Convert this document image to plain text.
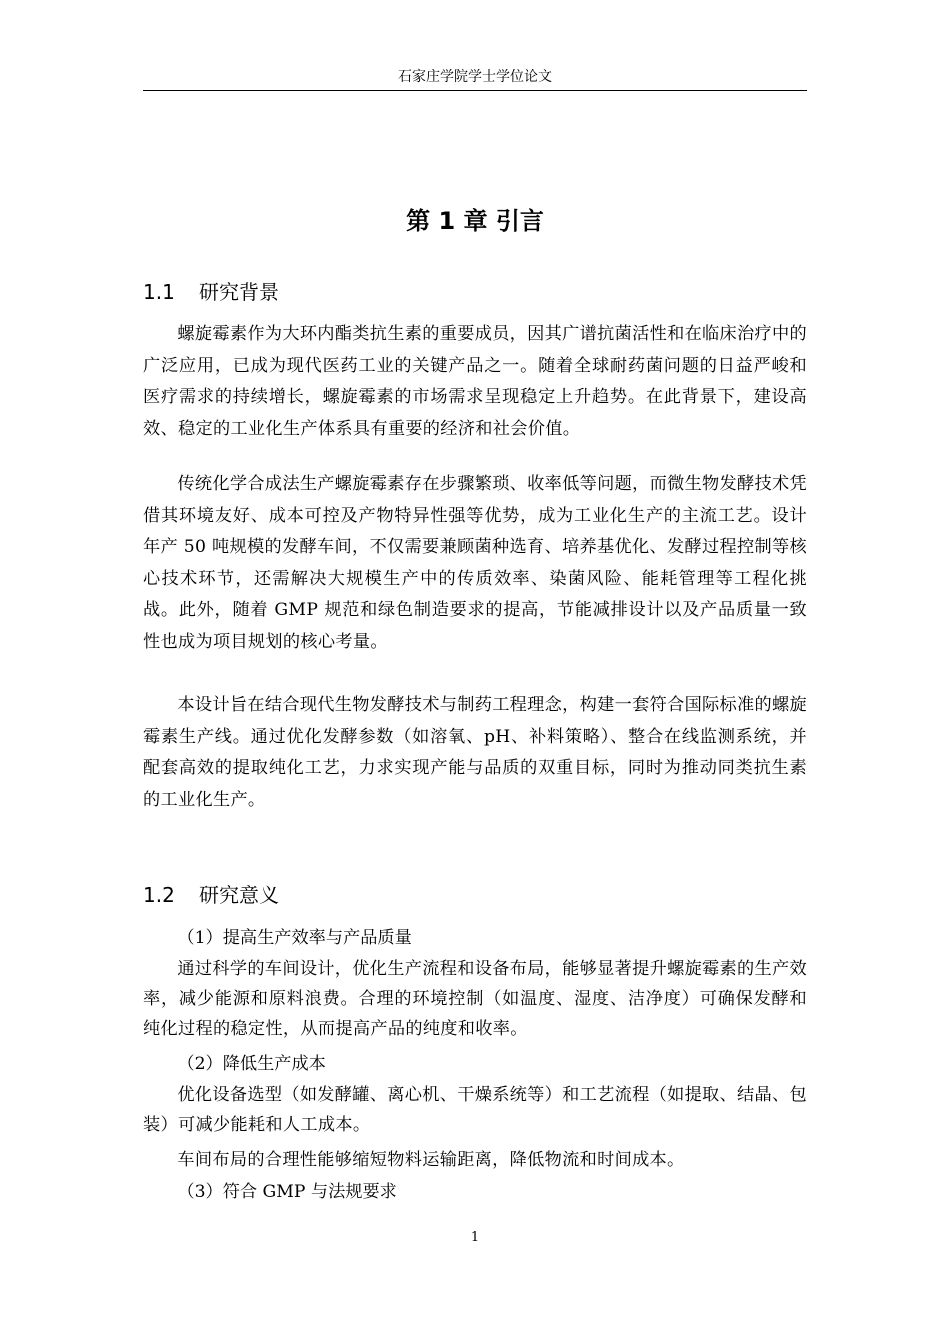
石家庄学院学士学位论文
第 1 章 引言
1.1 研究背景

螺旋霉素作为大环内酯类抗生素的重要成员，因其广谱抗菌活性和在临床治疗中的广泛应用，已成为现代医药工业的关键产品之一。随着全球耐药菌问题的日益严峻和医疗需求的持续增长，螺旋霉素的市场需求呈现稳定上升趋势。在此背景下，建设高效、稳定的工业化生产体系具有重要的经济和社会价值。

传统化学合成法生产螺旋霉素存在步骤繁琐、收率低等问题，而微生物发酵技术凭借其环境友好、成本可控及产物特异性强等优势，成为工业化生产的主流工艺。设计年产 50 吨规模的发酵车间，不仅需要兼顾菌种选育、培养基优化、发酵过程控制等核心技术环节，还需解决大规模生产中的传质效率、染菌风险、能耗管理等工程化挑战。此外，随着 GMP 规范和绿色制造要求的提高，节能减排设计以及产品质量一致性也成为项目规划的核心考量。

本设计旨在结合现代生物发酵技术与制药工程理念，构建一套符合国际标准的螺旋霉素生产线。通过优化发酵参数（如溶氧、pH、补料策略）、整合在线监测系统，并配套高效的提取纯化工艺，力求实现产能与品质的双重目标，同时为推动同类抗生素的工业化生产。

1.2 研究意义
（1）提高生产效率与产品质量

通过科学的车间设计，优化生产流程和设备布局，能够显著提升螺旋霉素的生产效率，减少能源和原料浪费。合理的环境控制（如温度、湿度、洁净度）可确保发酵和纯化过程的稳定性，从而提高产品的纯度和收率。

（2）降低生产成本

优化设备选型（如发酵罐、离心机、干燥系统等）和工艺流程（如提取、结晶、包装）可减少能耗和人工成本。

车间布局的合理性能够缩短物料运输距离，降低物流和时间成本。

（3）符合 GMP 与法规要求
1
